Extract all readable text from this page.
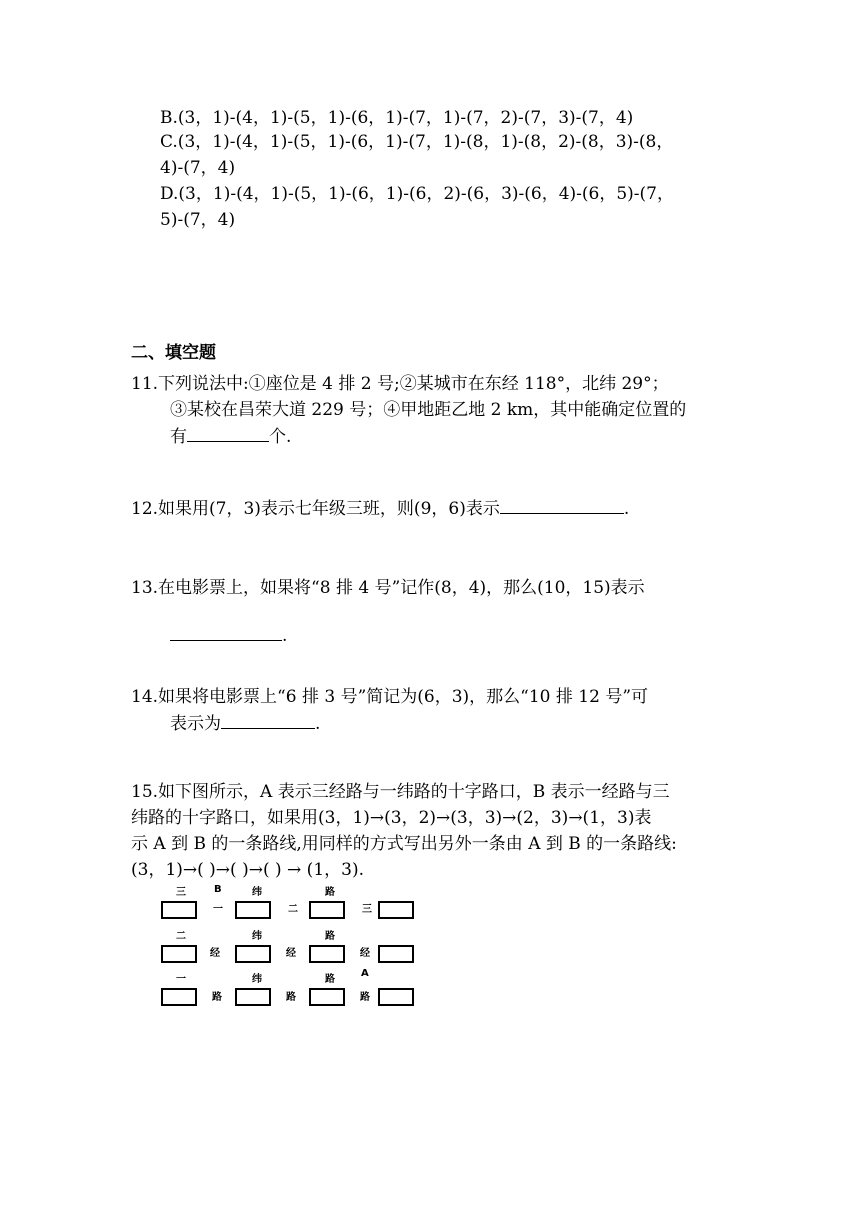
B.(3，1)-(4，1)-(5，1)-(6，1)-(7，1)-(7，2)-(7，3)-(7，4)
C.(3，1)-(4，1)-(5，1)-(6，1)-(7，1)-(8，1)-(8，2)-(8，3)-(8，
4)-(7，4)
D.(3，1)-(4，1)-(5，1)-(6，1)-(6，2)-(6，3)-(6，4)-(6，5)-(7，
5)-(7，4)
二、填空题
11.下列说法中:①座位是 4 排 2 号;②某城市在东经 118°，北纬 29°；
③某校在昌荣大道 229 号；④甲地距乙地 2 km，其中能确定位置的
有	个.
12.如果用(7，3)表示七年级三班，则(9，6)表示	.
13.在电影票上，如果将“8 排 4 号”记作(8，4)，那么(10，15)表示
.
14.如果将电影票上“6 排 3 号”简记为(6，3)，那么“10 排 12 号”可
表示为	.
15.如下图所示，A 表示三经路与一纬路的十字路口，B 表示一经路与三
纬路的十字路口，如果用(3，1)→(3，2)→(3，3)→(2，3)→(1，3)表
示 A 到 B 的一条路线,用同样的方式写出另外一条由 A 到 B 的一条路线:
(3，1)→( )→( )→( ) → (1，3).
三	B	纬	路
一	二	三
二	纬	路
经	经	经
一	纬	路
A
路	路	路
